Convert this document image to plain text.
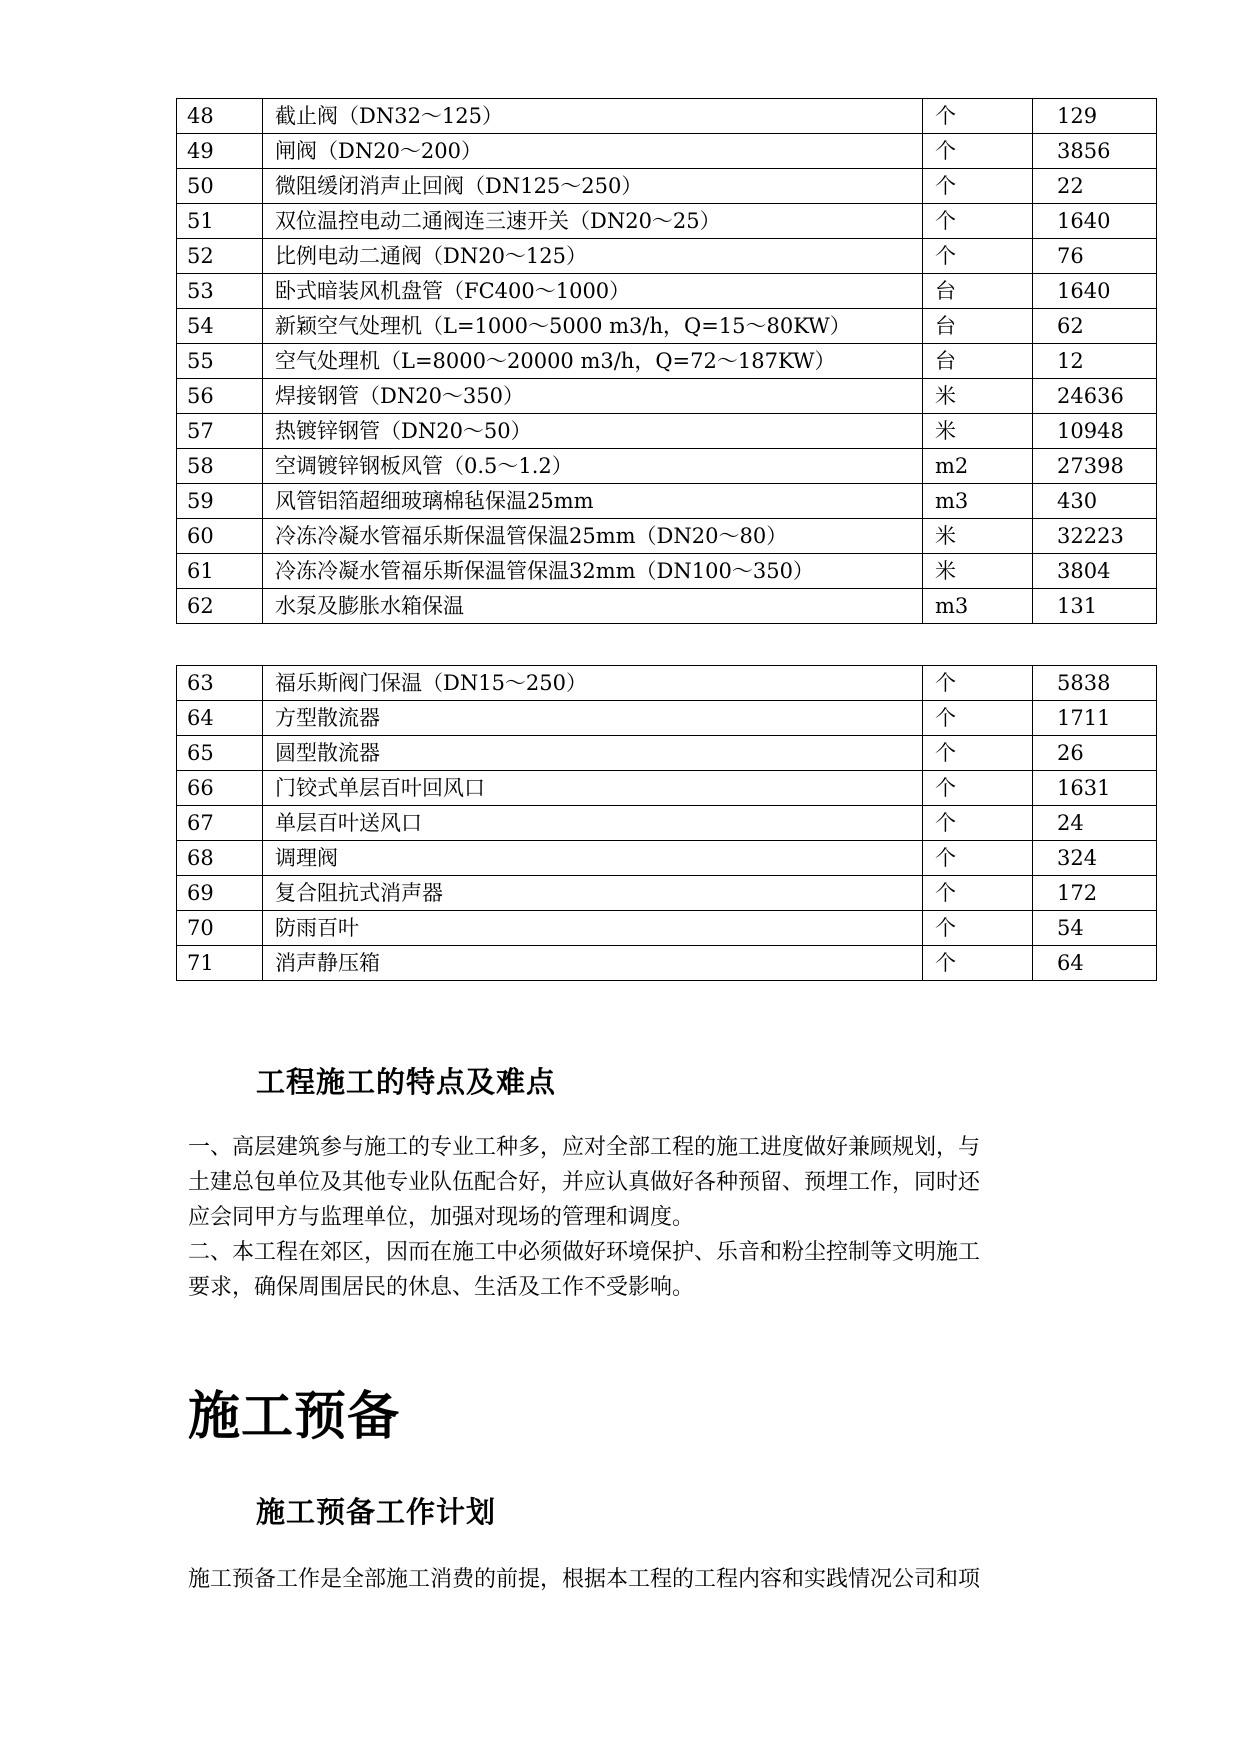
48	截止阀（DN32～125）	个	129
49	闸阀（DN20～200）	个	3856
50	微阻缓闭消声止回阀（DN125～250）	个	22
51	双位温控电动二通阀连三速开关（DN20～25）	个	1640
52	比例电动二通阀（DN20～125）	个	76
53	卧式暗装风机盘管（FC400～1000）	台	1640
54	新颖空气处理机（L=1000～5000 m3/h，Q=15～80KW）	台	62
55	空气处理机（L=8000～20000 m3/h，Q=72～187KW）	台	12
56	焊接钢管（DN20～350）	米	24636
57	热镀锌钢管（DN20～50）	米	10948
58	空调镀锌钢板风管（0.5～1.2）	m2	27398
59	风管铝箔超细玻璃棉毡保温25mm	m3	430
60	冷冻冷凝水管福乐斯保温管保温25mm（DN20～80）	米	32223
61	冷冻冷凝水管福乐斯保温管保温32mm（DN100～350）	米	3804
62	水泵及膨胀水箱保温	m3	131
63	福乐斯阀门保温（DN15～250）	个	5838
64	方型散流器	个	1711
65	圆型散流器	个	26
66	门铰式单层百叶回风口	个	1631
67	单层百叶送风口	个	24
68	调理阀	个	324
69	复合阻抗式消声器	个	172
70	防雨百叶	个	54
71	消声静压箱	个	64
工程施工的特点及难点
一、高层建筑参与施工的专业工种多，应对全部工程的施工进度做好兼顾规划，与
土建总包单位及其他专业队伍配合好，并应认真做好各种预留、预埋工作，同时还
应会同甲方与监理单位，加强对现场的管理和调度。
二、本工程在郊区，因而在施工中必须做好环境保护、乐音和粉尘控制等文明施工
要求，确保周围居民的休息、生活及工作不受影响。
施工预备
施工预备工作计划
施工预备工作是全部施工消费的前提，根据本工程的工程内容和实践情况公司和项
